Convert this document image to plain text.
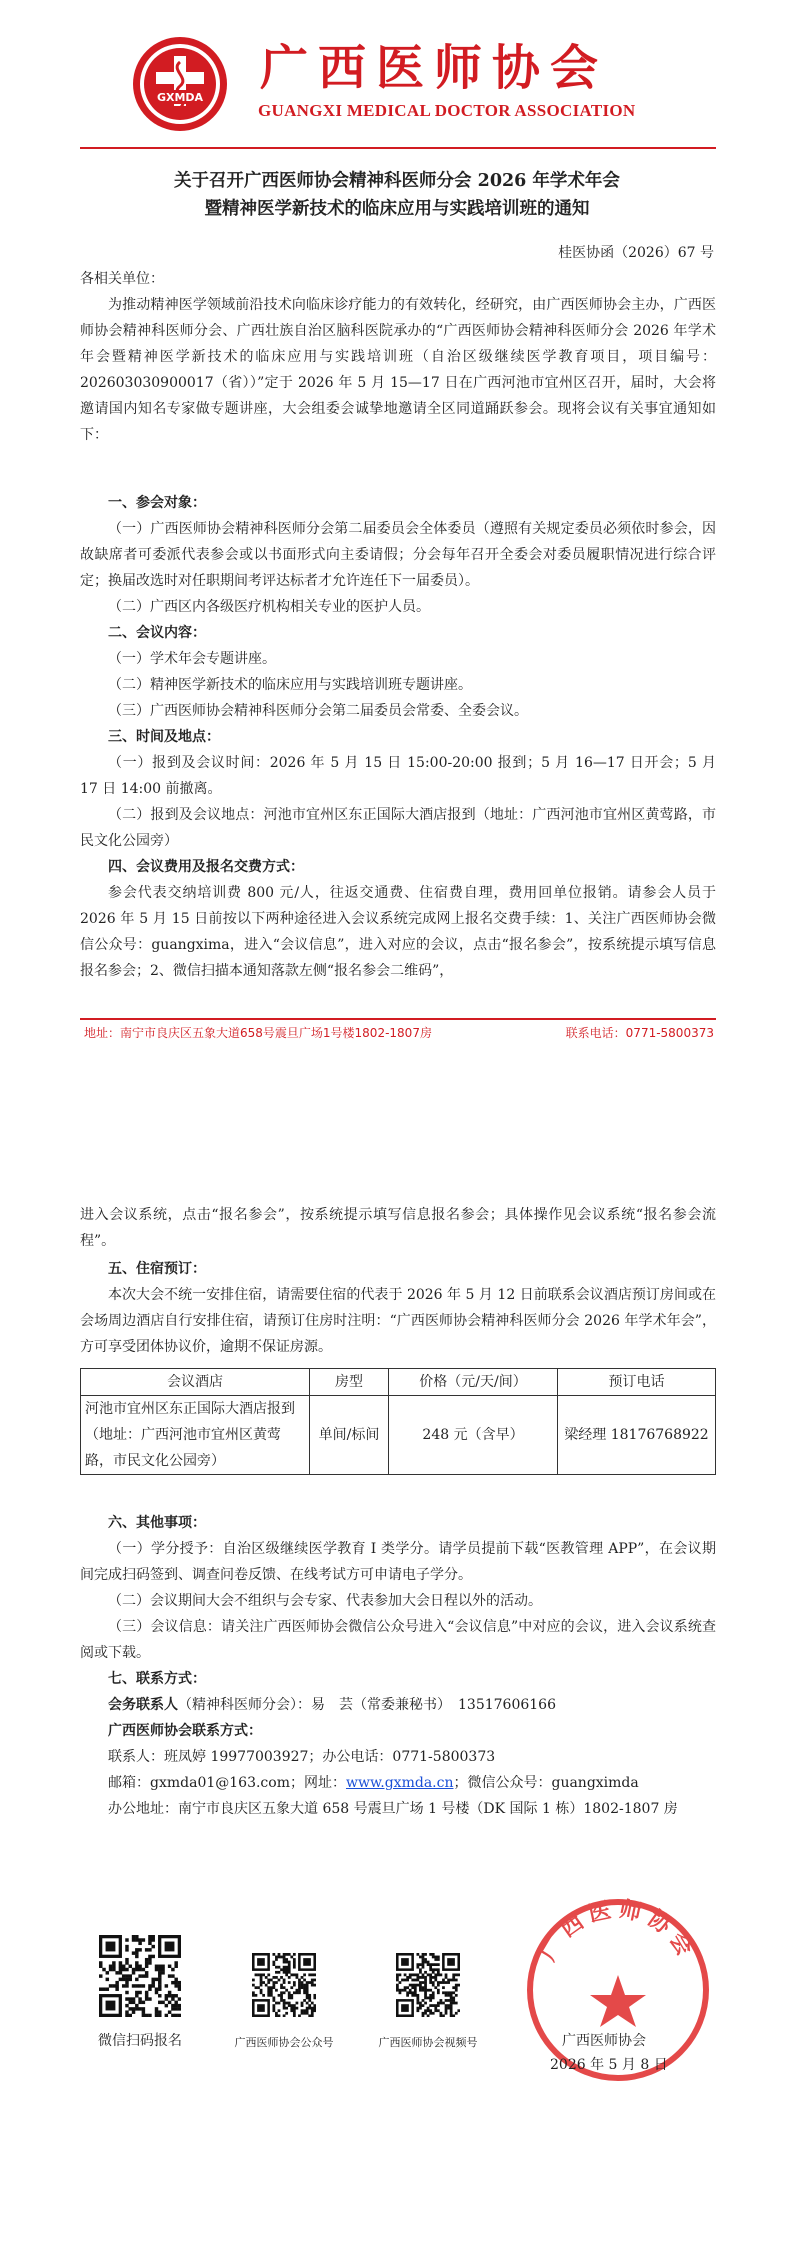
GXMDA
广西医师协会
GUANGXI MEDICAL DOCTOR ASSOCIATION
关于召开广西医师协会精神科医师分会 2026 年学术年会
暨精神医学新技术的临床应用与实践培训班的通知
桂医协函（2026）67 号
各相关单位：

为推动精神医学领域前沿技术向临床诊疗能力的有效转化，经研究，由广西医师协会主办，广西医师协会精神科医师分会、广西壮族自治区脑科医院承办的“广西医师协会精神科医师分会 2026 年学术年会暨精神医学新技术的临床应用与实践培训班（自治区级继续医学教育项目，项目编号：202603030900017（省））”定于 2026 年 5 月 15—17 日在广西河池市宜州区召开，届时，大会将邀请国内知名专家做专题讲座，大会组委会诚挚地邀请全区同道踊跃参会。现将会议有关事宜通知如下：

一、参会对象：

（一）广西医师协会精神科医师分会第二届委员会全体委员（遵照有关规定委员必须依时参会，因故缺席者可委派代表参会或以书面形式向主委请假；分会每年召开全委会对委员履职情况进行综合评定；换届改选时对任职期间考评达标者才允许连任下一届委员）。

（二）广西区内各级医疗机构相关专业的医护人员。

二、会议内容：

（一）学术年会专题讲座。

（二）精神医学新技术的临床应用与实践培训班专题讲座。

（三）广西医师协会精神科医师分会第二届委员会常委、全委会议。

三、时间及地点：

（一）报到及会议时间：2026 年 5 月 15 日 15:00-20:00 报到；5 月 16—17 日开会；5 月 17 日 14:00 前撤离。

（二）报到及会议地点：河池市宜州区东正国际大酒店报到（地址：广西河池市宜州区黄莺路，市民文化公园旁）

四、会议费用及报名交费方式：

参会代表交纳培训费 800 元/人，往返交通费、住宿费自理，费用回单位报销。请参会人员于 2026 年 5 月 15 日前按以下两种途径进入会议系统完成网上报名交费手续：1、关注广西医师协会微信公众号：guangxima，进入“会议信息”，进入对应的会议，点击“报名参会”，按系统提示填写信息报名参会；2、微信扫描本通知落款左侧“报名参会二维码”，

地址：南宁市良庆区五象大道658号震旦广场1号楼1802-1807房	联系电话：0771-5800373

进入会议系统，点击“报名参会”，按系统提示填写信息报名参会；具体操作见会议系统“报名参会流程”。

五、住宿预订：

本次大会不统一安排住宿，请需要住宿的代表于 2026 年 5 月 12 日前联系会议酒店预订房间或在会场周边酒店自行安排住宿，请预订住房时注明：“广西医师协会精神科医师分会 2026 年学术年会”，方可享受团体协议价，逾期不保证房源。

会议酒店	房型	价格（元/天/间）	预订电话
河池市宜州区东正国际大酒店报到（地址：广西河池市宜州区黄莺路，市民文化公园旁）	单间/标间	248 元（含早）	梁经理 18176768922
六、其他事项：

（一）学分授予：自治区级继续医学教育 I 类学分。请学员提前下载“医教管理 APP”，在会议期间完成扫码签到、调查问卷反馈、在线考试方可申请电子学分。

（二）会议期间大会不组织与会专家、代表参加大会日程以外的活动。

（三）会议信息：请关注广西医师协会微信公众号进入“会议信息”中对应的会议，进入会议系统查阅或下载。

七、联系方式：
会务联系人（精神科医师分会）：易　芸（常委兼秘书）　13517606166
广西医师协会联系方式：
联系人：班凤婷 19977003927；办公电话：0771-5800373
邮箱：gxmda01@163.com；网址：www.gxmda.cn；微信公众号：guangximda
办公地址：南宁市良庆区五象大道 658 号震旦广场 1 号楼（DK 国际 1 栋）1802-1807 房
微信扫码报名	广西医师协会公众号	广西医师协会视频号
广西医师协会
广西医师协会
2026 年 5 月 8 日
